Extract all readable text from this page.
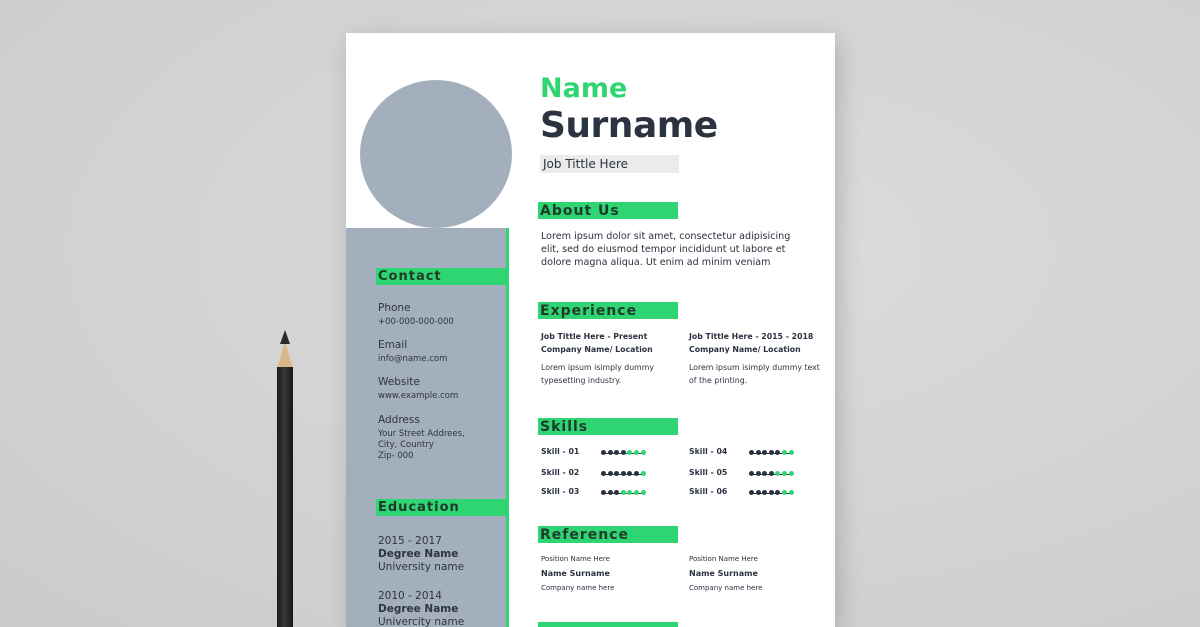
Contact
Phone
+00-000-000-000
Email
info@name.com
Website
www.example.com
Address
Your Street Addrees,
City, Country
Zip- 000
Education
2015 - 2017
Degree Name
University name
2010 - 2014
Degree Name
Univercity name
Name
Surname
Job Tittle Here
About Us
Lorem ipsum dolor sit amet, consectetur adipisicing elit, sed do eiusmod tempor incididunt ut labore et dolore magna aliqua. Ut enim ad minim veniam
Experience
Job Tittle Here - Present
Company Name/ Location
Lorem ipsum isimply dummy typesetting industry.
Job Tittle Here - 2015 - 2018
Company Name/ Location
Lorem ipsum isimply dummy text of the printing.
Skills
Reference
Position Name Here
Name Surname
Company name here
Position Name Here
Name Surname
Company name here
Skill - 01
Skill - 02
Skill - 03
Skill - 04
Skill - 05
Skill - 06
